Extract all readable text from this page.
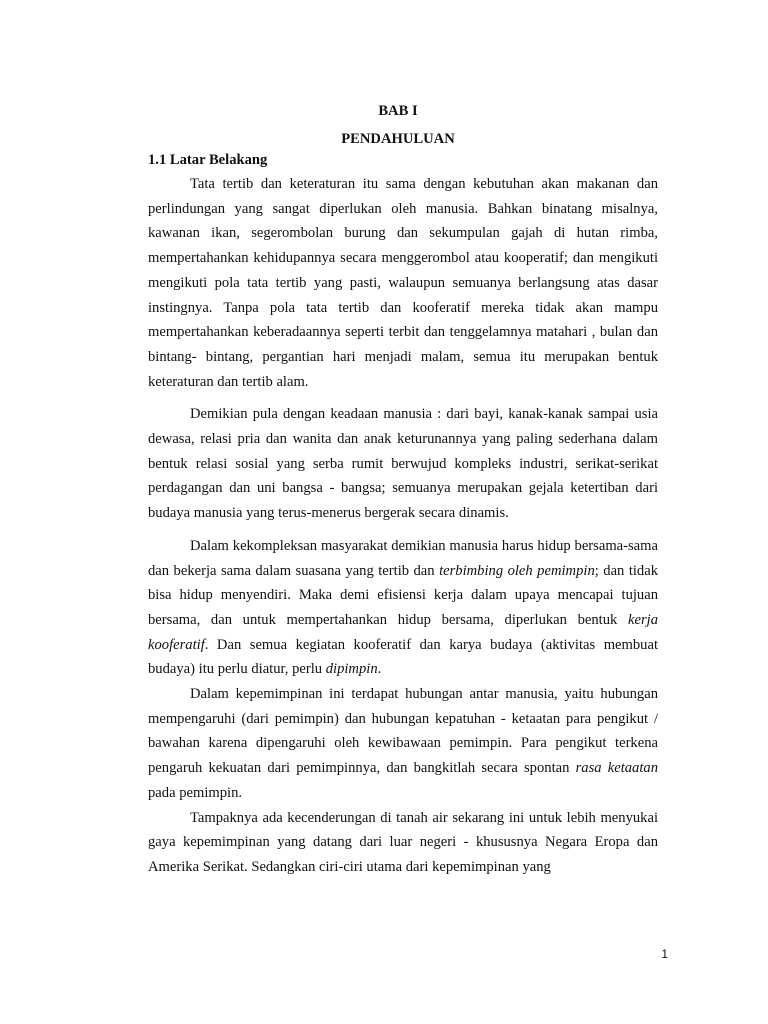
BAB I
PENDAHULUAN
1.1 Latar Belakang

Tata tertib dan keteraturan itu sama dengan kebutuhan akan makanan dan perlindungan yang sangat diperlukan oleh manusia. Bahkan binatang misalnya, kawanan ikan, segerombolan burung dan sekumpulan gajah di hutan rimba, mempertahankan kehidupannya secara menggerombol atau kooperatif; dan mengikuti mengikuti pola tata tertib yang pasti, walaupun semuanya berlangsung atas dasar instingnya. Tanpa pola tata tertib dan kooferatif mereka tidak akan mampu mempertahankan keberadaannya seperti terbit dan tenggelamnya matahari , bulan dan bintang- bintang, pergantian hari menjadi malam, semua itu merupakan bentuk keteraturan dan tertib alam.

Demikian pula dengan keadaan manusia : dari bayi, kanak-kanak sampai usia dewasa, relasi pria dan wanita dan anak keturunannya yang paling sederhana dalam bentuk relasi sosial yang serba rumit berwujud kompleks industri, serikat-serikat perdagangan dan uni bangsa - bangsa; semuanya merupakan gejala ketertiban dari budaya manusia yang terus-menerus bergerak secara dinamis.

Dalam kekompleksan masyarakat demikian manusia harus hidup bersama-sama dan bekerja sama dalam suasana yang tertib dan terbimbing oleh pemimpin; dan tidak bisa hidup menyendiri. Maka demi efisiensi kerja dalam upaya mencapai tujuan bersama, dan untuk mempertahankan hidup bersama, diperlukan bentuk kerja kooferatif. Dan semua kegiatan kooferatif dan karya budaya (aktivitas membuat budaya) itu perlu diatur, perlu dipimpin.

Dalam kepemimpinan ini terdapat hubungan antar manusia, yaitu hubungan mempengaruhi (dari pemimpin) dan hubungan kepatuhan - ketaatan para pengikut / bawahan karena dipengaruhi oleh kewibawaan pemimpin. Para pengikut terkena pengaruh kekuatan dari pemimpinnya, dan bangkitlah secara spontan rasa ketaatan pada pemimpin.

Tampaknya ada kecenderungan di tanah air sekarang ini untuk lebih menyukai gaya kepemimpinan yang datang dari luar negeri - khususnya Negara Eropa dan Amerika Serikat. Sedangkan ciri-ciri utama dari kepemimpinan yang

1
